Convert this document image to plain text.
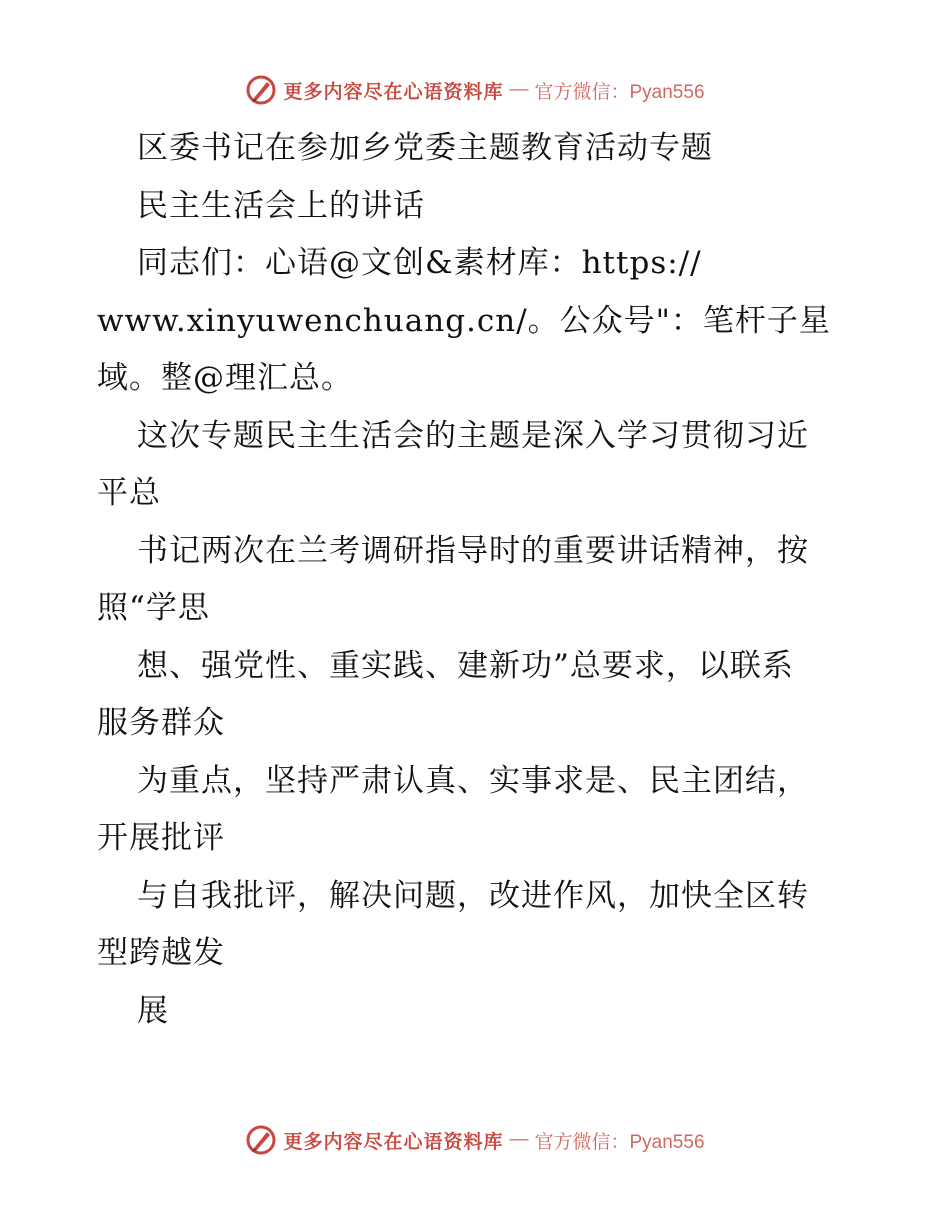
更多内容尽在心语资料库 — 官方微信：Pyan556
区委书记在参加乡党委主题教育活动专题
民主生活会上的讲话
同志们：心语@文创&素材库：https://
www.xinyuwenchuang.cn/。公众号"：笔杆子星
域。整@理汇总。
这次专题民主生活会的主题是深入学习贯彻习近
平总
书记两次在兰考调研指导时的重要讲话精神，按
照“学思
想、强党性、重实践、建新功”总要求，以联系
服务群众
为重点，坚持严肃认真、实事求是、民主团结，
开展批评
与自我批评，解决问题，改进作风，加快全区转
型跨越发
展
更多内容尽在心语资料库 — 官方微信：Pyan556
